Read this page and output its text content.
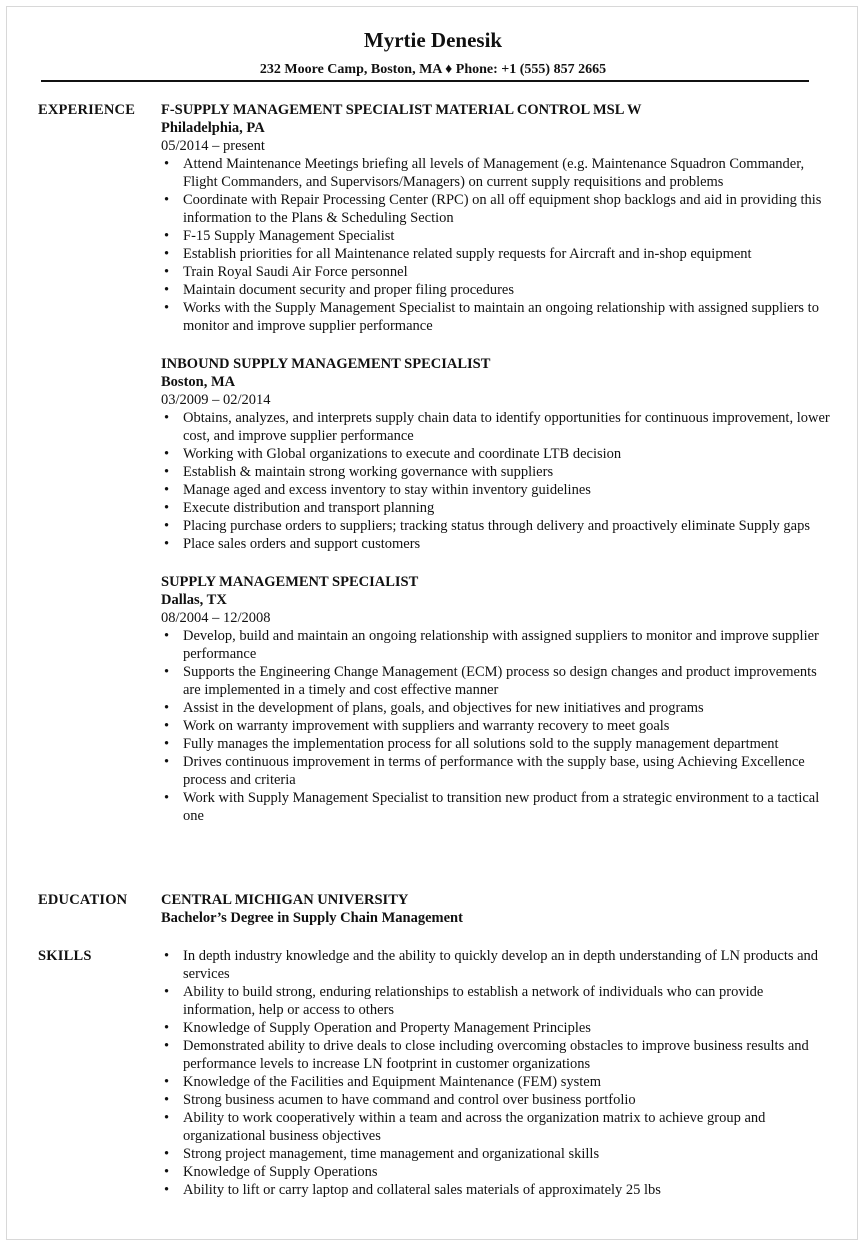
Myrtie Denesik
232 Moore Camp, Boston, MA ♦ Phone: +1 (555) 857 2665
EXPERIENCE F-SUPPLY MANAGEMENT SPECIALIST MATERIAL CONTROL MSL W
Philadelphia, PA
05/2014 – present
• Attend Maintenance Meetings briefing all levels of Management (e.g. Maintenance Squadron Commander, Flight Commanders, and Supervisors/Managers) on current supply requisitions and problems
• Coordinate with Repair Processing Center (RPC) on all off equipment shop backlogs and aid in providing this information to the Plans & Scheduling Section
• F-15 Supply Management Specialist
• Establish priorities for all Maintenance related supply requests for Aircraft and in-shop equipment
• Train Royal Saudi Air Force personnel
• Maintain document security and proper filing procedures
• Works with the Supply Management Specialist to maintain an ongoing relationship with assigned suppliers to monitor and improve supplier performance
INBOUND SUPPLY MANAGEMENT SPECIALIST
Boston, MA
03/2009 – 02/2014
• Obtains, analyzes, and interprets supply chain data to identify opportunities for continuous improvement, lower cost, and improve supplier performance
• Working with Global organizations to execute and coordinate LTB decision
• Establish & maintain strong working governance with suppliers
• Manage aged and excess inventory to stay within inventory guidelines
• Execute distribution and transport planning
• Placing purchase orders to suppliers; tracking status through delivery and proactively eliminate Supply gaps
• Place sales orders and support customers
SUPPLY MANAGEMENT SPECIALIST
Dallas, TX
08/2004 – 12/2008
• Develop, build and maintain an ongoing relationship with assigned suppliers to monitor and improve supplier performance
• Supports the Engineering Change Management (ECM) process so design changes and product improvements are implemented in a timely and cost effective manner
• Assist in the development of plans, goals, and objectives for new initiatives and programs
• Work on warranty improvement with suppliers and warranty recovery to meet goals
• Fully manages the implementation process for all solutions sold to the supply management department
• Drives continuous improvement in terms of performance with the supply base, using Achieving Excellence process and criteria
• Work with Supply Management Specialist to transition new product from a strategic environment to a tactical one
EDUCATION CENTRAL MICHIGAN UNIVERSITY
Bachelor’s Degree in Supply Chain Management
SKILLS	• In depth industry knowledge and the ability to quickly develop an in depth understanding of LN products and services
• Ability to build strong, enduring relationships to establish a network of individuals who can provide information, help or access to others
• Knowledge of Supply Operation and Property Management Principles
• Demonstrated ability to drive deals to close including overcoming obstacles to improve business results and performance levels to increase LN footprint in customer organizations
• Knowledge of the Facilities and Equipment Maintenance (FEM) system
• Strong business acumen to have command and control over business portfolio
• Ability to work cooperatively within a team and across the organization matrix to achieve group and organizational business objectives
• Strong project management, time management and organizational skills
• Knowledge of Supply Operations
• Ability to lift or carry laptop and collateral sales materials of approximately 25 lbs
